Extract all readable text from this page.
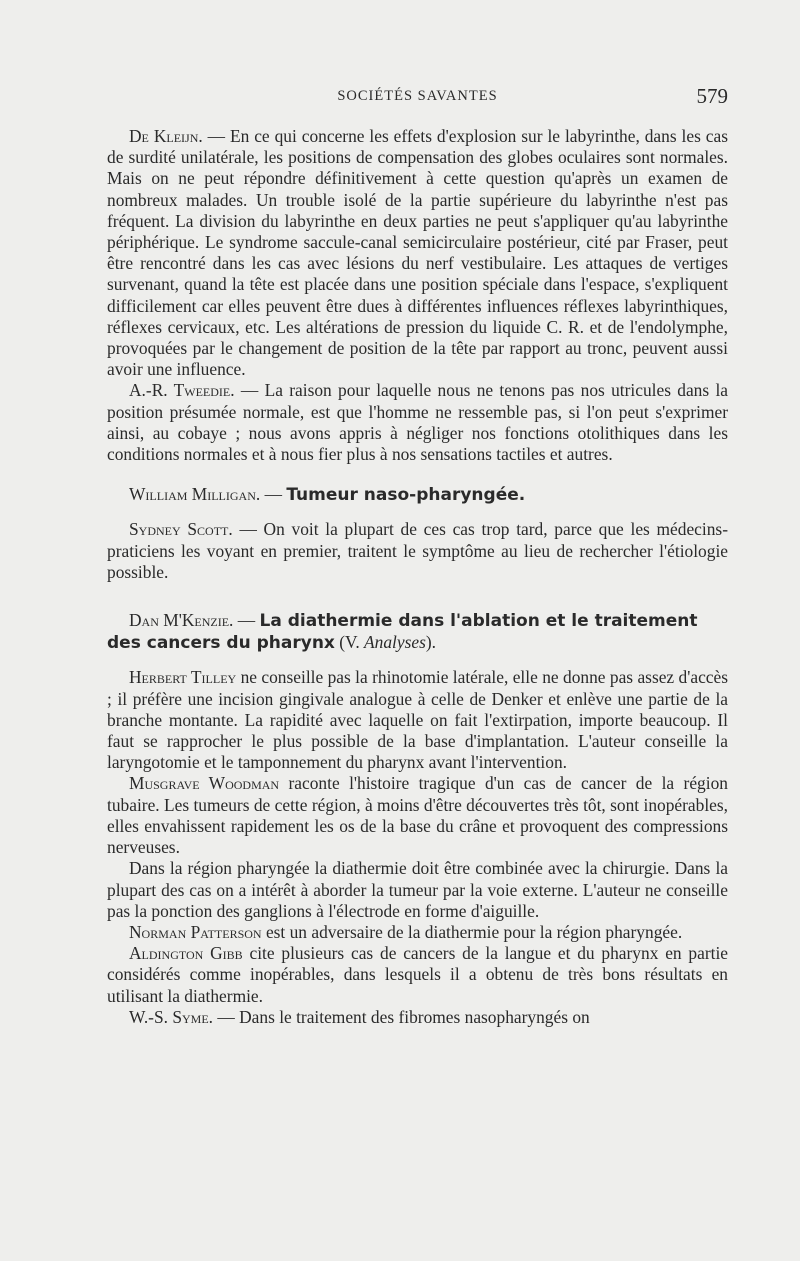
SOCIÉTÉS SAVANTES	579

De Kleijn. — En ce qui concerne les effets d'explosion sur le labyrinthe, dans les cas de surdité unilatérale, les positions de compensation des globes oculaires sont normales. Mais on ne peut répondre définitivement à cette question qu'après un examen de nombreux malades. Un trouble isolé de la partie supérieure du labyrinthe n'est pas fréquent. La division du labyrinthe en deux parties ne peut s'appliquer qu'au labyrinthe périphérique. Le syndrome saccule-canal semicirculaire postérieur, cité par Fraser, peut être rencontré dans les cas avec lésions du nerf vestibulaire. Les attaques de vertiges survenant, quand la tête est placée dans une position spéciale dans l'espace, s'expliquent difficilement car elles peuvent être dues à différentes influences réflexes labyrinthiques, réflexes cervicaux, etc. Les altérations de pression du liquide C. R. et de l'endolymphe, provoquées par le changement de position de la tête par rapport au tronc, peuvent aussi avoir une influence.

A.-R. Tweedie. — La raison pour laquelle nous ne tenons pas nos utricules dans la position présumée normale, est que l'homme ne ressemble pas, si l'on peut s'exprimer ainsi, au cobaye ; nous avons appris à négliger nos fonctions otolithiques dans les conditions normales et à nous fier plus à nos sensations tactiles et autres.

William Milligan. — Tumeur naso-pharyngée.

Sydney Scott. — On voit la plupart de ces cas trop tard, parce que les médecins-praticiens les voyant en premier, traitent le symptôme au lieu de rechercher l'étiologie possible.

Dan M'Kenzie. — La diathermie dans l'ablation et le traitement des cancers du pharynx (V. Analyses).

Herbert Tilley ne conseille pas la rhinotomie latérale, elle ne donne pas assez d'accès ; il préfère une incision gingivale analogue à celle de Denker et enlève une partie de la branche montante. La rapidité avec laquelle on fait l'extirpation, importe beaucoup. Il faut se rapprocher le plus possible de la base d'implantation. L'auteur conseille la laryngotomie et le tamponnement du pharynx avant l'intervention.

Musgrave Woodman raconte l'histoire tragique d'un cas de cancer de la région tubaire. Les tumeurs de cette région, à moins d'être découvertes très tôt, sont inopérables, elles envahissent rapidement les os de la base du crâne et provoquent des compressions nerveuses.

Dans la région pharyngée la diathermie doit être combinée avec la chirurgie. Dans la plupart des cas on a intérêt à aborder la tumeur par la voie externe. L'auteur ne conseille pas la ponction des ganglions à l'électrode en forme d'aiguille.

Norman Patterson est un adversaire de la diathermie pour la région pharyngée.

Aldington Gibb cite plusieurs cas de cancers de la langue et du pharynx en partie considérés comme inopérables, dans lesquels il a obtenu de très bons résultats en utilisant la diathermie.

W.-S. Syme. — Dans le traitement des fibromes nasopharyngés on
